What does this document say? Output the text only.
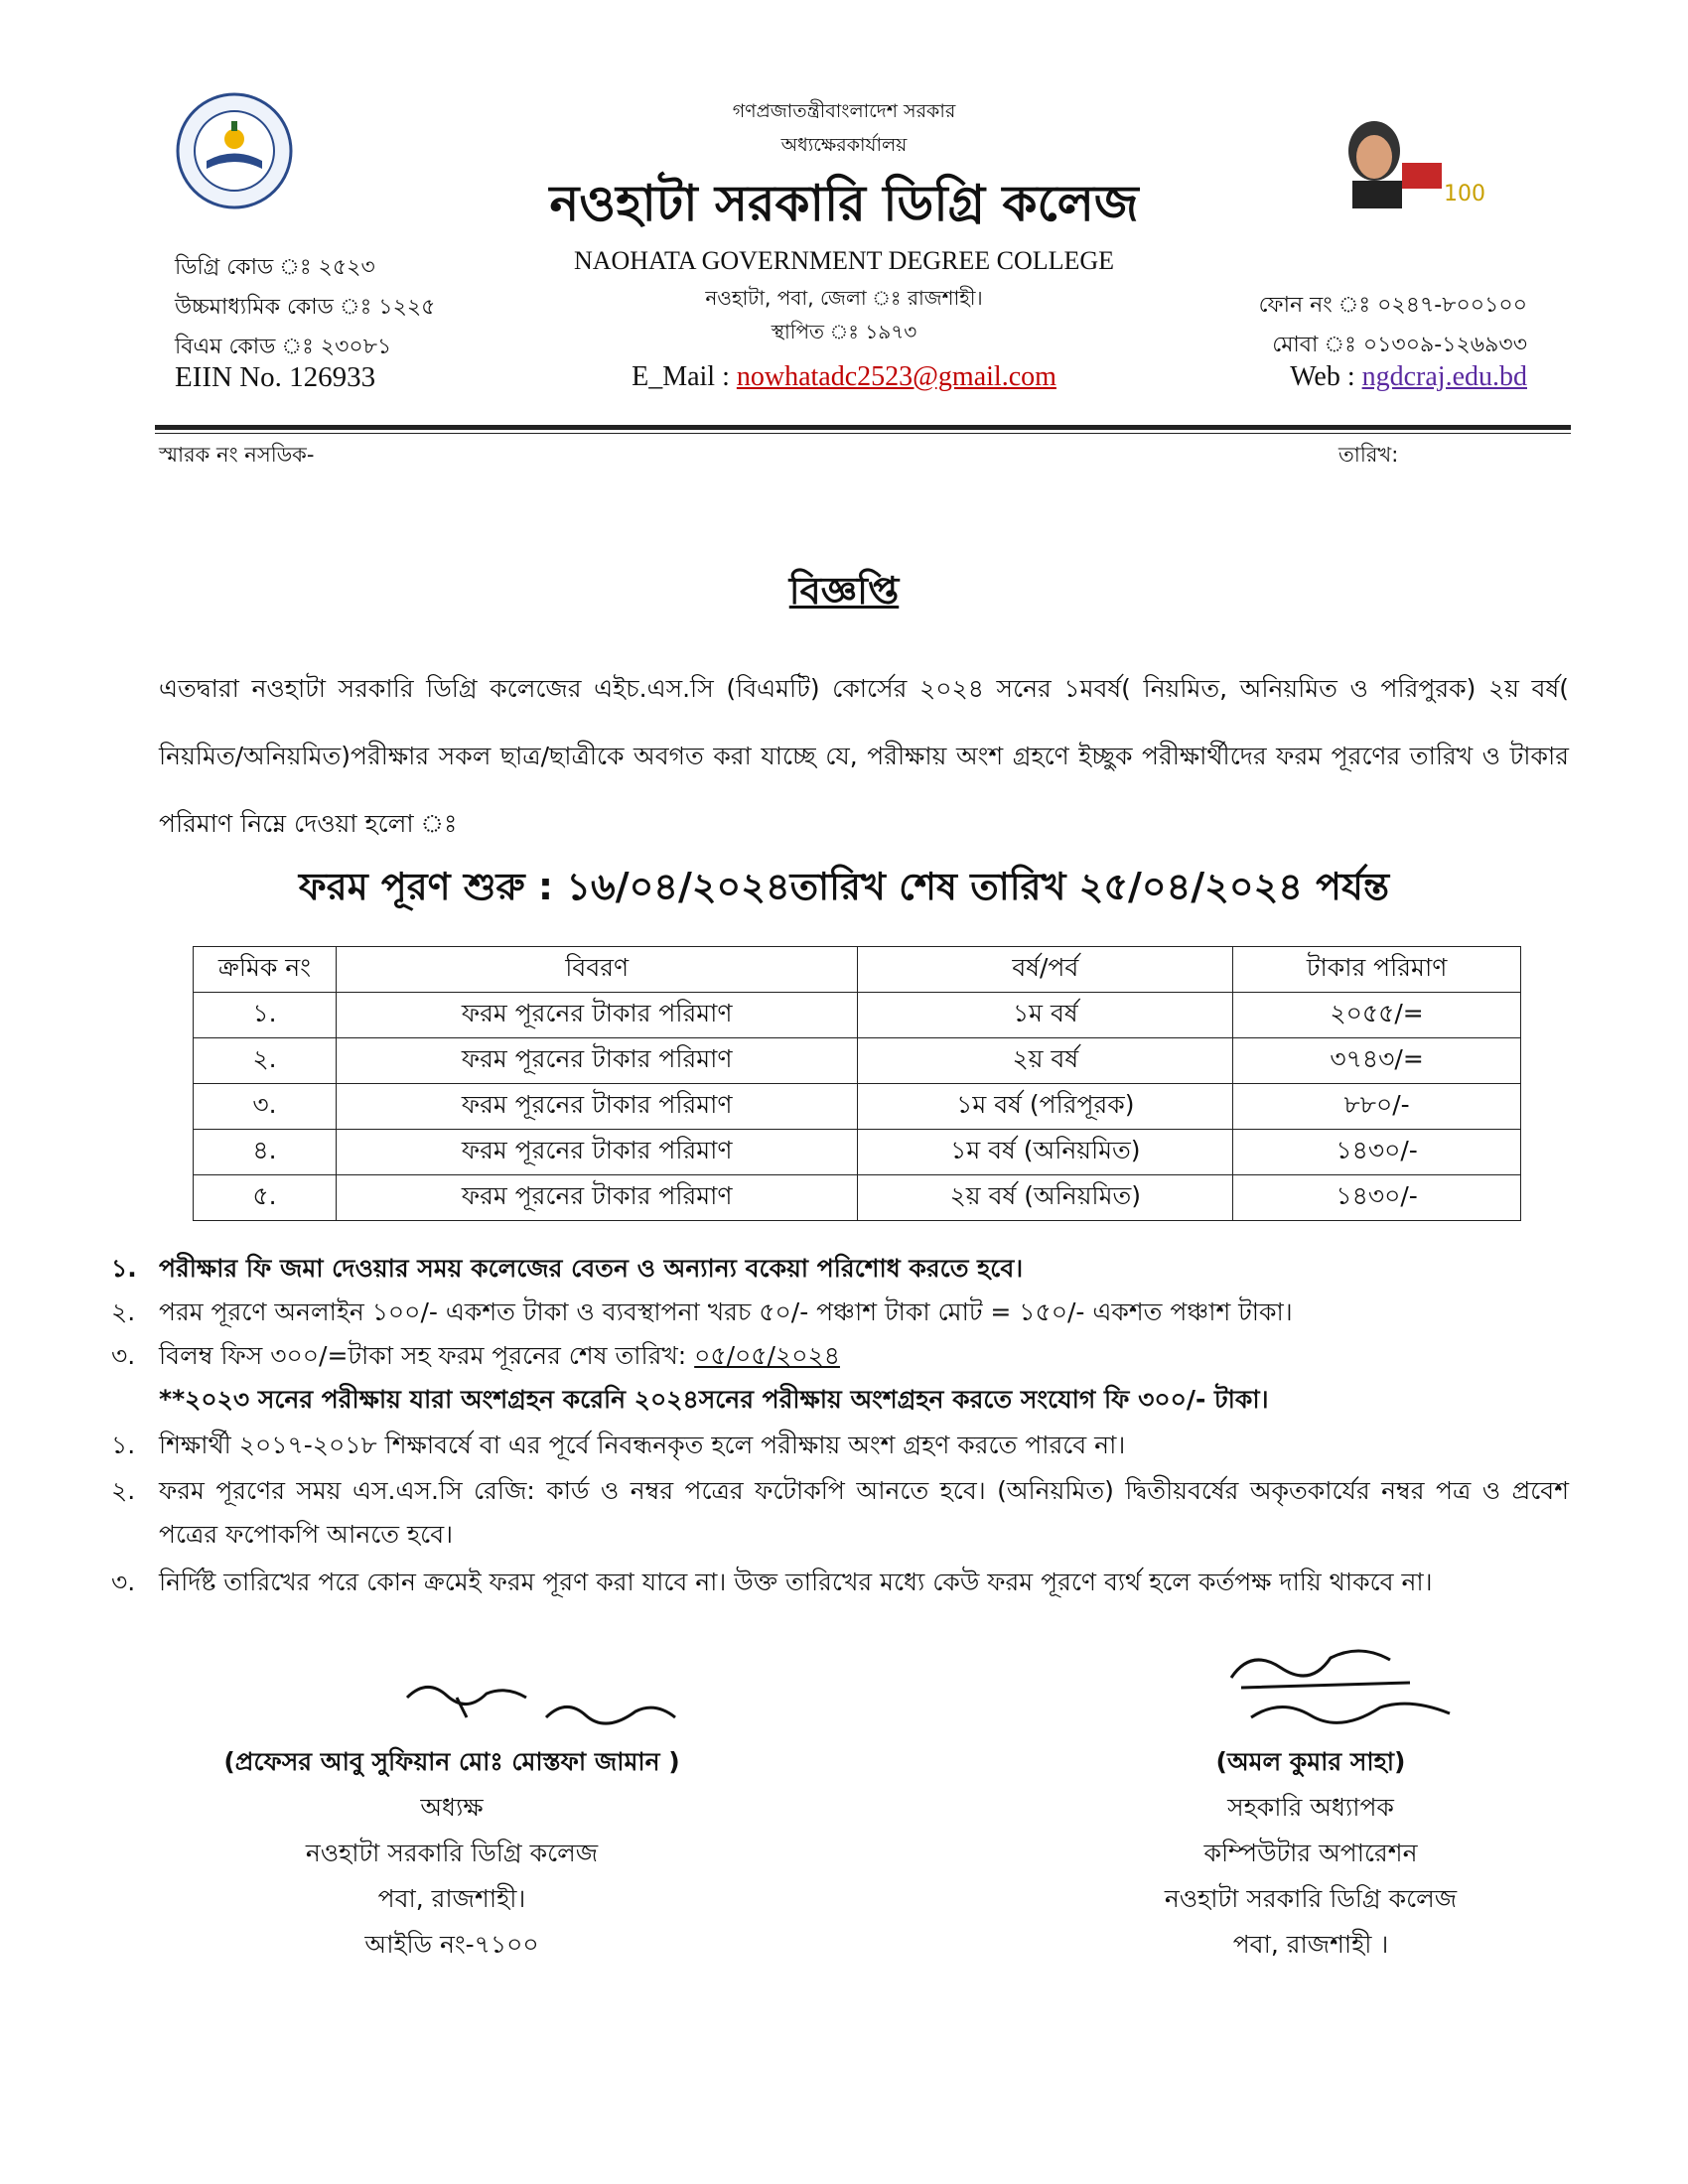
100
গণপ্রজাতন্ত্রীবাংলাদেশ সরকার
অধ্যক্ষেরকার্যালয়
নওহাটা সরকারি ডিগ্রি কলেজ
NAOHATA GOVERNMENT DEGREE COLLEGE
নওহাটা, পবা, জেলা ঃ রাজশাহী।
স্থাপিত ঃ ১৯৭৩
E_Mail : nowhatadc2523@gmail.com
ডিগ্রি কোড ঃ ২৫২৩
উচ্চমাধ্যমিক কোড ঃ ১২২৫
বিএম কোড ঃ ২৩০৮১
EIIN No. 126933
ফোন নং ঃ ০২৪৭-৮০০১০০
মোবা ঃ ০১৩০৯-১২৬৯৩৩
Web : ngdcraj.edu.bd
স্মারক নং নসডিক-	তারিখ:
বিজ্ঞপ্তি
এতদ্বারা নওহাটা সরকারি ডিগ্রি কলেজের এইচ.এস.সি (বিএমটি) কোর্সের ২০২৪ সনের ১মবর্ষ( নিয়মিত, অনিয়মিত ও পরিপুরক) ২য় বর্ষ( নিয়মিত/অনিয়মিত)পরীক্ষার সকল ছাত্র/ছাত্রীকে অবগত করা যাচ্ছে যে, পরীক্ষায় অংশ গ্রহণে ইচ্ছুক পরীক্ষার্থীদের ফরম পূরণের তারিখ ও টাকার পরিমাণ নিম্নে দেওয়া হলো ঃ
ফরম পূরণ শুরু : ১৬/০৪/২০২৪তারিখ শেষ তারিখ ২৫/০৪/২০২৪ পর্যন্ত
ক্রমিক নং	বিবরণ	বর্ষ/পর্ব	টাকার পরিমাণ
১.	ফরম পূরনের টাকার পরিমাণ	১ম বর্ষ	২০৫৫/=
২.	ফরম পূরনের টাকার পরিমাণ	২য় বর্ষ	৩৭৪৩/=
৩.	ফরম পূরনের টাকার পরিমাণ	১ম বর্ষ (পরিপূরক)	৮৮০/-
৪.	ফরম পূরনের টাকার পরিমাণ	১ম বর্ষ (অনিয়মিত)	১৪৩০/-
৫.	ফরম পূরনের টাকার পরিমাণ	২য় বর্ষ (অনিয়মিত)	১৪৩০/-
১. পরীক্ষার ফি জমা দেওয়ার সময় কলেজের বেতন ও অন্যান্য বকেয়া পরিশোধ করতে হবে।
২. পরম পূরণে অনলাইন ১০০/- একশত টাকা ও ব্যবস্থাপনা খরচ ৫০/- পঞ্চাশ টাকা মোট = ১৫০/- একশত পঞ্চাশ টাকা।
৩. বিলম্ব ফিস ৩০০/=টাকা সহ ফরম পূরনের শেষ তারিখ: ০৫/০৫/২০২৪
**২০২৩ সনের পরীক্ষায় যারা অংশগ্রহন করেনি ২০২৪সনের পরীক্ষায় অংশগ্রহন করতে সংযোগ ফি ৩০০/- টাকা।
১. শিক্ষার্থী ২০১৭-২০১৮ শিক্ষাবর্ষে বা এর পূর্বে নিবন্ধনকৃত হলে পরীক্ষায় অংশ গ্রহণ করতে পারবে না।
২. ফরম পূরণের সময় এস.এস.সি রেজি: কার্ড ও নম্বর পত্রের ফটোকপি আনতে হবে। (অনিয়মিত) দ্বিতীয়বর্ষের অকৃতকার্যের নম্বর পত্র ও প্রবেশ পত্রের ফপোকপি আনতে হবে।
৩. নির্দিষ্ট তারিখের পরে কোন ক্রমেই ফরম পূরণ করা যাবে না। উক্ত তারিখের মধ্যে কেউ ফরম পূরণে ব্যর্থ হলে কর্তপক্ষ দায়ি থাকবে না।
(প্রফেসর আবু সুফিয়ান মোঃ মোস্তফা জামান )
অধ্যক্ষ
নওহাটা সরকারি ডিগ্রি কলেজ
পবা, রাজশাহী।
আইডি নং-৭১০০
(অমল কুমার সাহা)
সহকারি অধ্যাপক
কম্পিউটার অপারেশন
নওহাটা সরকারি ডিগ্রি কলেজ
পবা, রাজশাহী ।
